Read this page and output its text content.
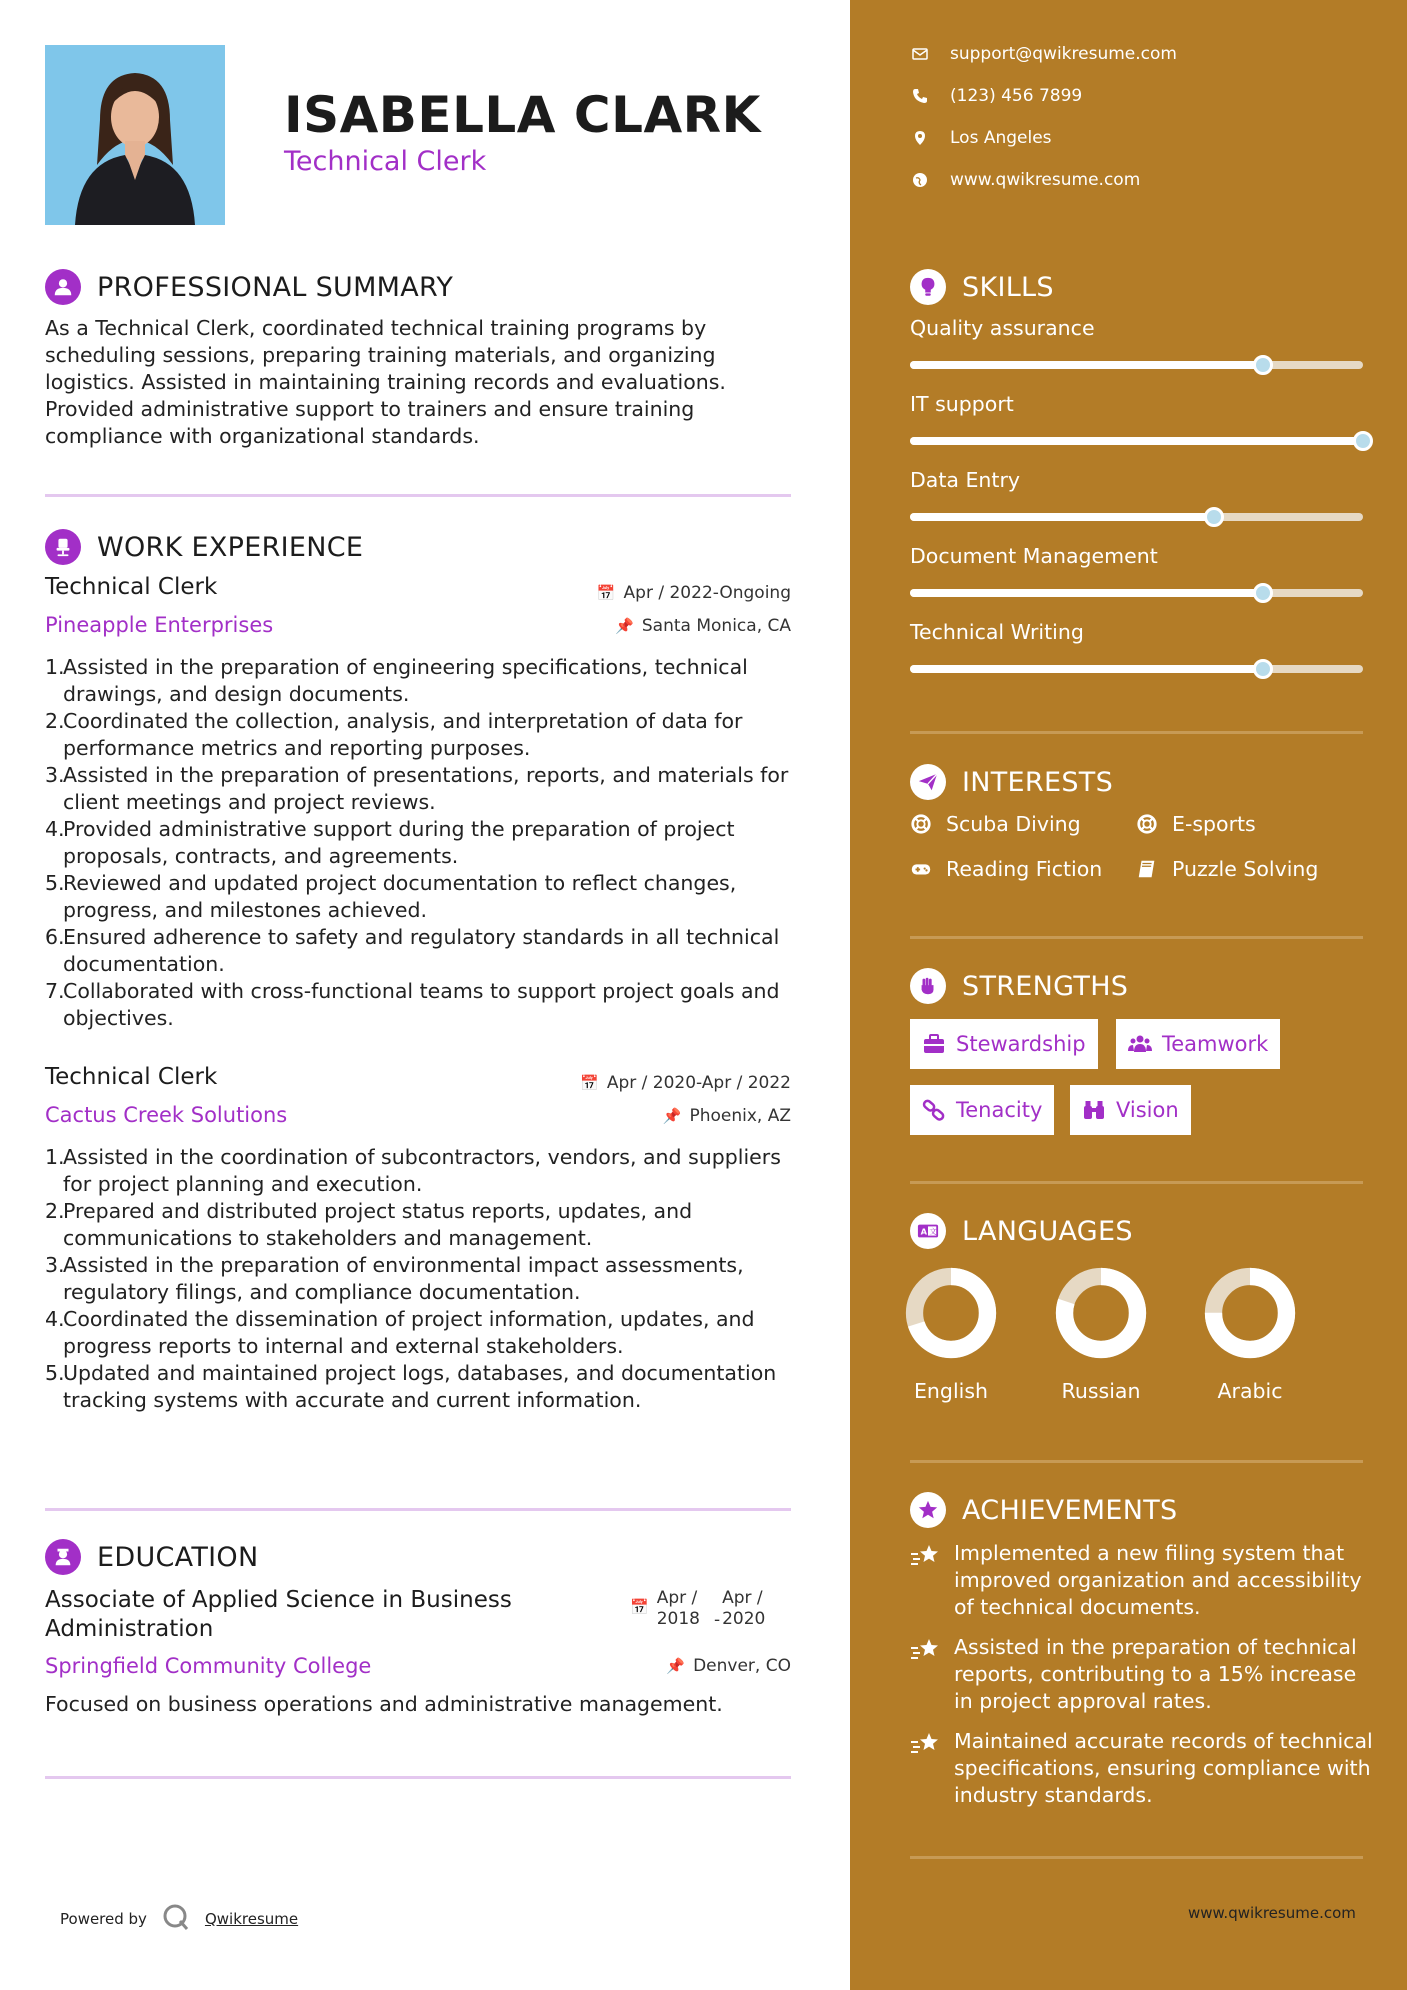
ISABELLA CLARK
Technical Clerk
PROFESSIONAL SUMMARY
As a Technical Clerk, coordinated technical training programs by scheduling sessions, preparing training materials, and organizing logistics. Assisted in maintaining training records and evaluations. Provided administrative support to trainers and ensure training compliance with organizational standards.
WORK EXPERIENCE
Technical Clerk	📅 Apr / 2022-Ongoing
Pineapple Enterprises	📌 Santa Monica, CA
1.
Assisted in the preparation of engineering specifications, technical drawings, and design documents.
2.
Coordinated the collection, analysis, and interpretation of data for performance metrics and reporting purposes.
3.
Assisted in the preparation of presentations, reports, and materials for client meetings and project reviews.
4.
Provided administrative support during the preparation of project proposals, contracts, and agreements.
5.
Reviewed and updated project documentation to reflect changes, progress, and milestones achieved.
6.
Ensured adherence to safety and regulatory standards in all technical documentation.
7.
Collaborated with cross-functional teams to support project goals and objectives.
Technical Clerk	📅 Apr / 2020-Apr / 2022
Cactus Creek Solutions	📌 Phoenix, AZ
1.
Assisted in the coordination of subcontractors, vendors, and suppliers for project planning and execution.
2.
Prepared and distributed project status reports, updates, and communications to stakeholders and management.
3.
Assisted in the preparation of environmental impact assessments, regulatory filings, and compliance documentation.
4.
Coordinated the dissemination of project information, updates, and progress reports to internal and external stakeholders.
5.
Updated and maintained project logs, databases, and documentation tracking systems with accurate and current information.
EDUCATION
Associate of Applied Science in Business
Administration
📅 Apr /
2018 -
Apr /
2020
Springfield Community College	📌 Denver, CO
Focused on business operations and administrative management.
Powered by	Qwikresume
support@qwikresume.com
(123) 456 7899
Los Angeles
www.qwikresume.com
SKILLS
Quality assurance
IT support
Data Entry
Document Management
Technical Writing
INTERESTS
Scuba Diving	E-sports
Reading Fiction	Puzzle Solving
STRENGTHS
Stewardship	Teamwork
Tenacity	Vision
A 文 LANGUAGES
English	Russian	Arabic
ACHIEVEMENTS
Implemented a new filing system that improved organization and accessibility of technical documents.
Assisted in the preparation of technical reports, contributing to a 15% increase in project approval rates.
Maintained accurate records of technical specifications, ensuring compliance with industry standards.
www.qwikresume.com
